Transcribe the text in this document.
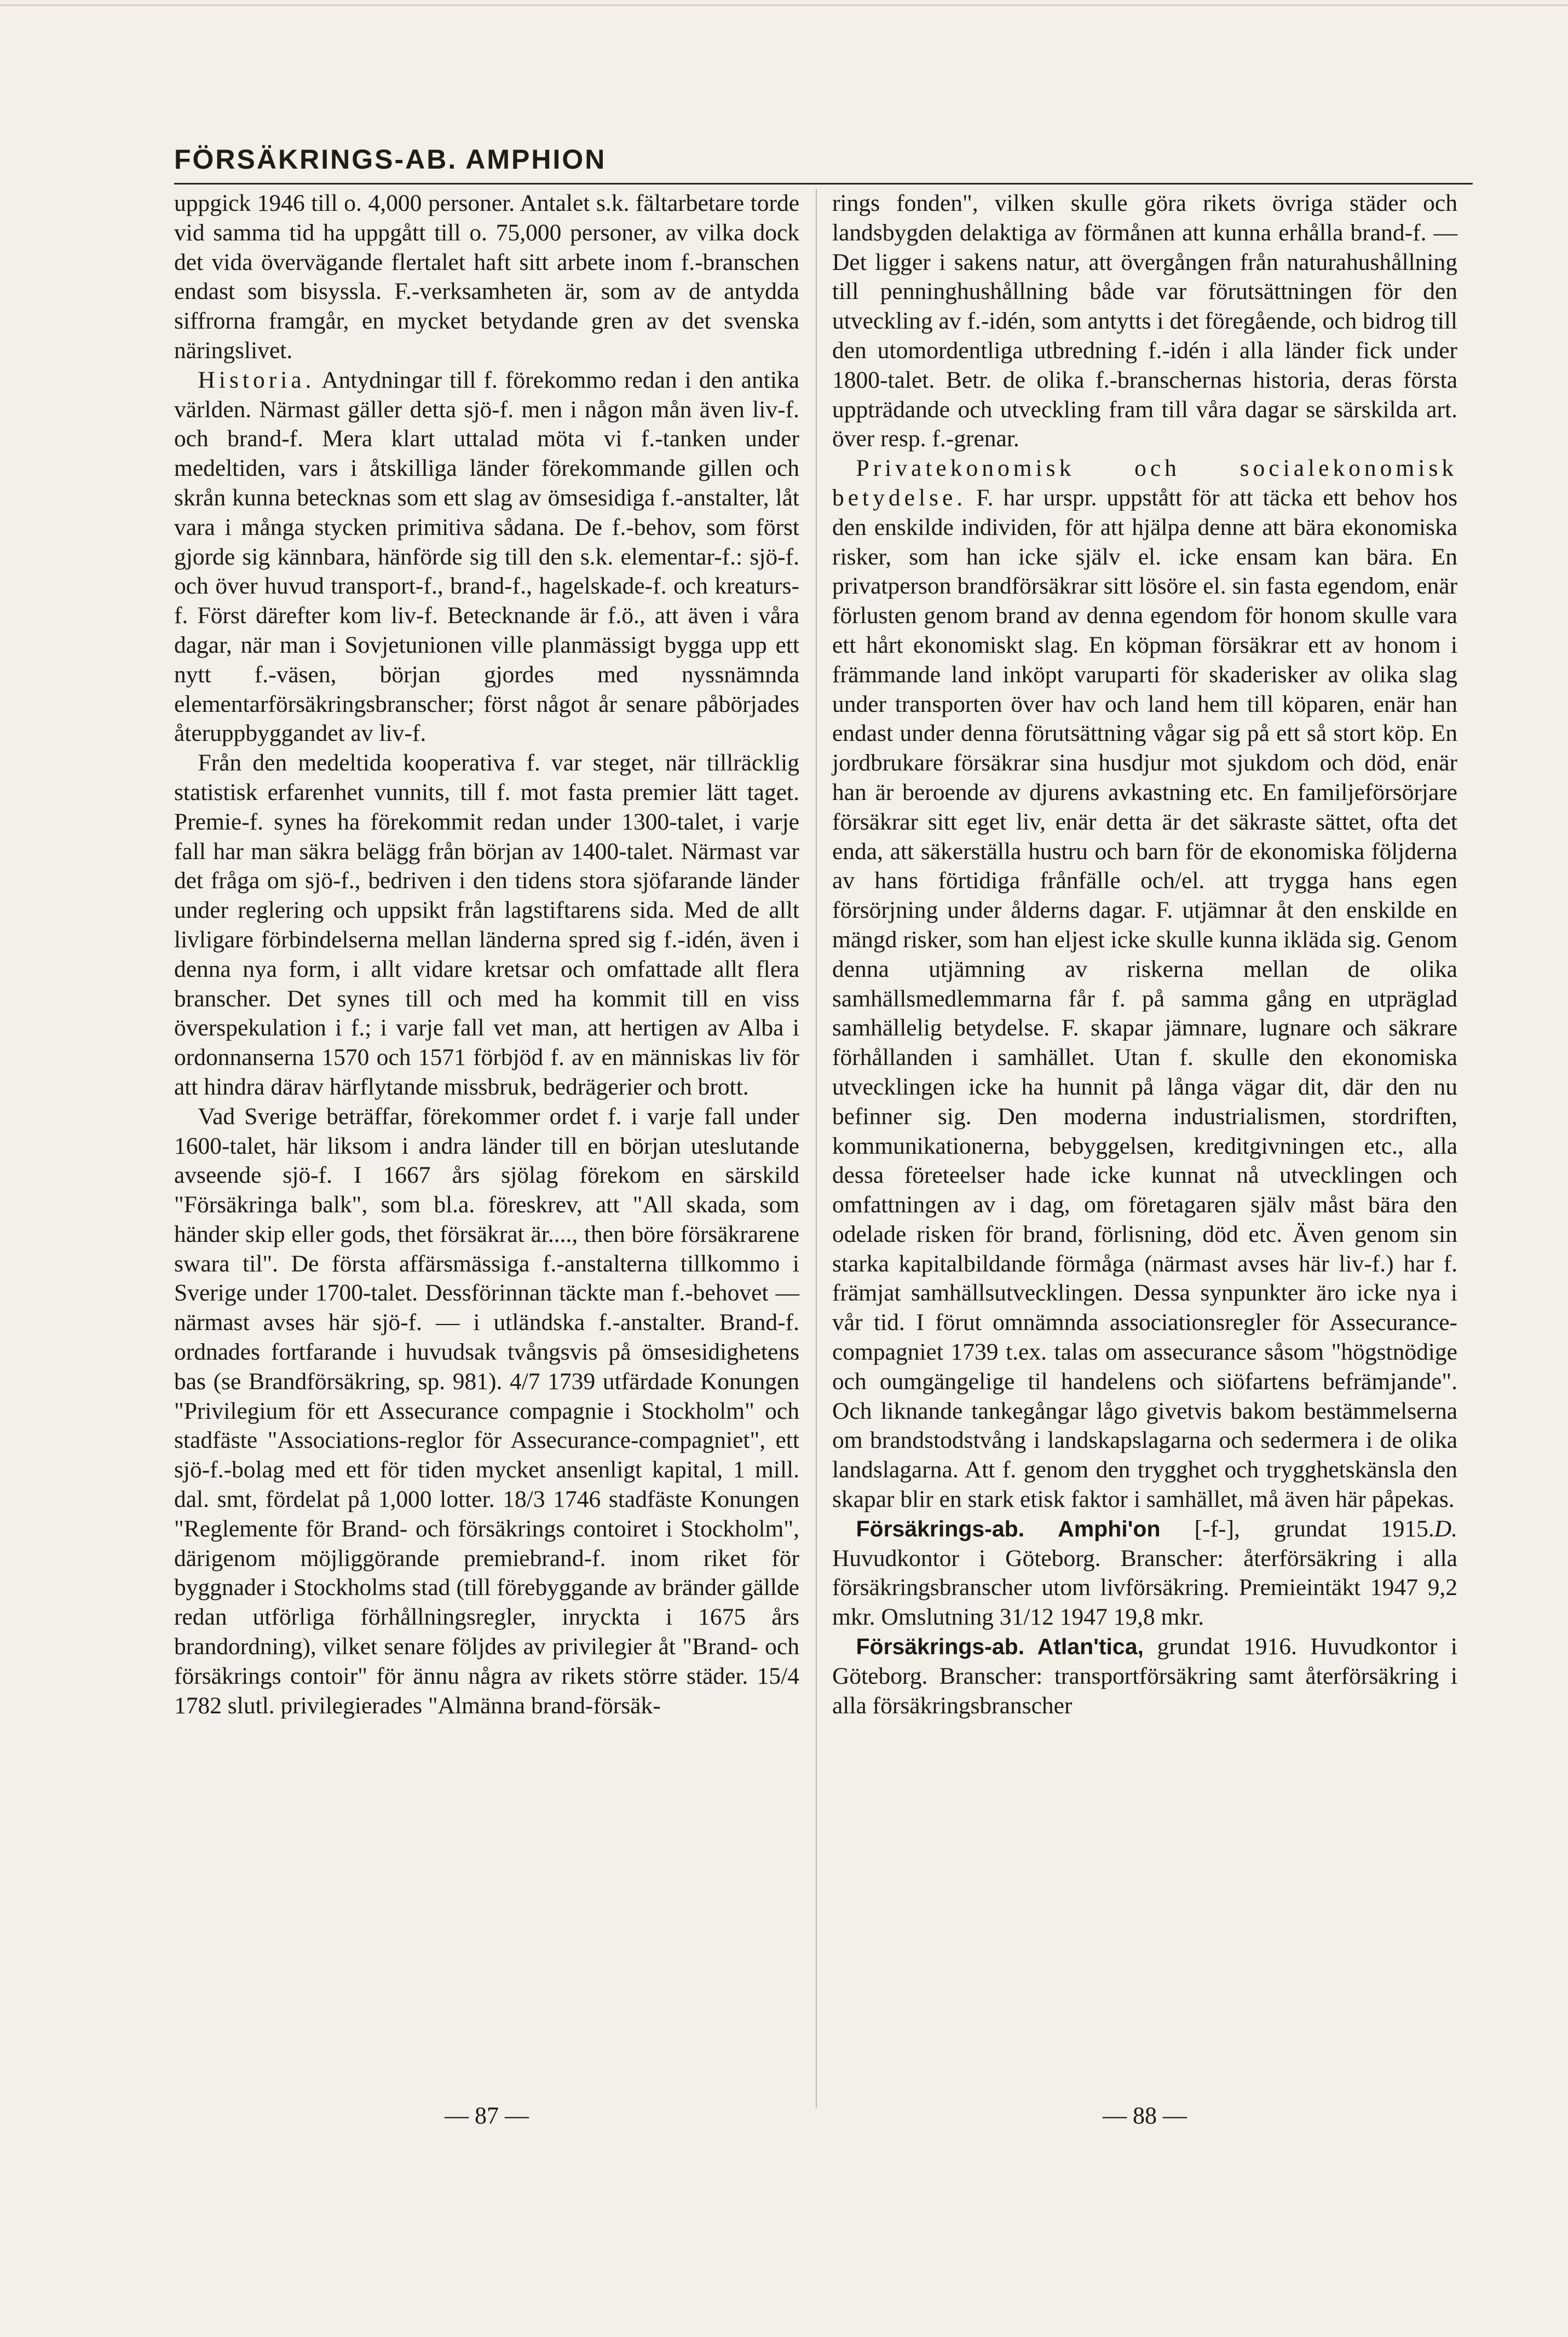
FÖRSÄKRINGS-AB. AMPHION

uppgick 1946 till o. 4,000 personer. Antalet s.k. fältarbetare torde vid samma tid ha uppgått till o. 75,000 personer, av vilka dock det vida övervägande flertalet haft sitt arbete inom f.-branschen endast som bisyssla. F.-verksamheten är, som av de antydda siffrorna framgår, en mycket betydande gren av det svenska näringslivet.

 Historia. Antydningar till f. förekommo redan i den antika världen. Närmast gäller detta sjö-f. men i någon mån även liv-f. och brand-f. Mera klart uttalad möta vi f.-tanken under medeltiden, vars i åtskilliga länder förekommande gillen och skrån kunna betecknas som ett slag av ömsesidiga f.-anstalter, låt vara i många stycken primitiva sådana. De f.-behov, som först gjorde sig kännbara, hänförde sig till den s.k. elementar-f.: sjö-f. och över huvud transport-f., brand-f., hagelskade-f. och kreaturs-f. Först därefter kom liv-f. Betecknande är f.ö., att även i våra dagar, när man i Sovjetunionen ville planmässigt bygga upp ett nytt f.-väsen, början gjordes med nyssnämnda elementarförsäkringsbranscher; först något år senare påbörjades återuppbyggandet av liv-f.

 Från den medeltida kooperativa f. var steget, när tillräcklig statistisk erfarenhet vunnits, till f. mot fasta premier lätt taget. Premie-f. synes ha förekommit redan under 1300-talet, i varje fall har man säkra belägg från början av 1400-talet. Närmast var det fråga om sjö-f., bedriven i den tidens stora sjöfarande länder under reglering och uppsikt från lagstiftarens sida. Med de allt livligare förbindelserna mellan länderna spred sig f.-idén, även i denna nya form, i allt vidare kretsar och omfattade allt flera branscher. Det synes till och med ha kommit till en viss överspekulation i f.; i varje fall vet man, att hertigen av Alba i ordonnanserna 1570 och 1571 förbjöd f. av en människas liv för att hindra därav härflytande missbruk, bedrägerier och brott.

 Vad Sverige beträffar, förekommer ordet f. i varje fall under 1600-talet, här liksom i andra länder till en början uteslutande avseende sjö-f. I 1667 års sjölag förekom en särskild "Försäkringa balk", som bl.a. föreskrev, att "All skada, som händer skip eller gods, thet försäkrat är...., then böre försäkrarene swara til". De första affärsmässiga f.-anstalterna tillkommo i Sverige under 1700-talet. Dessförinnan täckte man f.-behovet — närmast avses här sjö-f. — i utländska f.-anstalter. Brand-f. ordnades fortfarande i huvudsak tvångsvis på ömsesidighetens bas (se Brandförsäkring, sp. 981). 4/7 1739 utfärdade Konungen "Privilegium för ett Assecurance compagnie i Stockholm" och stadfäste "Associations-reglor för Assecurance-compagniet", ett sjö-f.-bolag med ett för tiden mycket ansenligt kapital, 1 mill. dal. smt, fördelat på 1,000 lotter. 18/3 1746 stadfäste Konungen "Reglemente för Brand- och försäkrings contoiret i Stockholm", därigenom möjliggörande premiebrand-f. inom riket för byggnader i Stockholms stad (till förebyggande av bränder gällde redan utförliga förhållningsregler, inryckta i 1675 års brandordning), vilket senare följdes av privilegier åt "Brand- och försäkrings contoir" för ännu några av rikets större städer. 15/4 1782 slutl. privilegierades "Almänna brand-försäk-

rings fonden", vilken skulle göra rikets övriga städer och landsbygden delaktiga av förmånen att kunna erhålla brand-f. — Det ligger i sakens natur, att övergången från naturahushållning till penninghushållning både var förutsättningen för den utveckling av f.-idén, som antytts i det föregående, och bidrog till den utomordentliga utbredning f.-idén i alla länder fick under 1800-talet. Betr. de olika f.-branschernas historia, deras första uppträdande och utveckling fram till våra dagar se särskilda art. över resp. f.-grenar.

 Privatekonomisk och socialekonomisk betydelse. F. har urspr. uppstått för att täcka ett behov hos den enskilde individen, för att hjälpa denne att bära ekonomiska risker, som han icke själv el. icke ensam kan bära. En privatperson brandförsäkrar sitt lösöre el. sin fasta egendom, enär förlusten genom brand av denna egendom för honom skulle vara ett hårt ekonomiskt slag. En köpman försäkrar ett av honom i främmande land inköpt varuparti för skaderisker av olika slag under transporten över hav och land hem till köparen, enär han endast under denna förutsättning vågar sig på ett så stort köp. En jordbrukare försäkrar sina husdjur mot sjukdom och död, enär han är beroende av djurens avkastning etc. En familjeförsörjare försäkrar sitt eget liv, enär detta är det säkraste sättet, ofta det enda, att säkerställa hustru och barn för de ekonomiska följderna av hans förtidiga frånfälle och/el. att trygga hans egen försörjning under ålderns dagar. F. utjämnar åt den enskilde en mängd risker, som han eljest icke skulle kunna ikläda sig. Genom denna utjämning av riskerna mellan de olika samhällsmedlemmarna får f. på samma gång en utpräglad samhällelig betydelse. F. skapar jämnare, lugnare och säkrare förhållanden i samhället. Utan f. skulle den ekonomiska utvecklingen icke ha hunnit på långa vägar dit, där den nu befinner sig. Den moderna industrialismen, stordriften, kommunikationerna, bebyggelsen, kreditgivningen etc., alla dessa företeelser hade icke kunnat nå utvecklingen och omfattningen av i dag, om företagaren själv måst bära den odelade risken för brand, förlisning, död etc. Även genom sin starka kapitalbildande förmåga (närmast avses här liv-f.) har f. främjat samhällsutvecklingen. Dessa synpunkter äro icke nya i vår tid. I förut omnämnda associationsregler för Assecurance-compagniet 1739 t.ex. talas om assecurance såsom "högstnödige och oumgängelige til handelens och siöfartens befrämjande". Och liknande tankegångar lågo givetvis bakom bestämmelserna om brandstodstvång i landskapslagarna och sedermera i de olika landslagarna. Att f. genom den trygghet och trygghetskänsla den skapar blir en stark etisk faktor i samhället, må även här påpekas.
D.

 Försäkrings-ab. Amphi'on [-f-], grundat 1915. Huvudkontor i Göteborg. Branscher: återförsäkring i alla försäkringsbranscher utom livförsäkring. Premieintäkt 1947 9,2 mkr. Omslutning 31/12 1947 19,8 mkr.

 Försäkrings-ab. Atlan'tica, grundat 1916. Huvudkontor i Göteborg. Branscher: transportförsäkring samt återförsäkring i alla försäkringsbranscher

— 87 —	— 88 —
